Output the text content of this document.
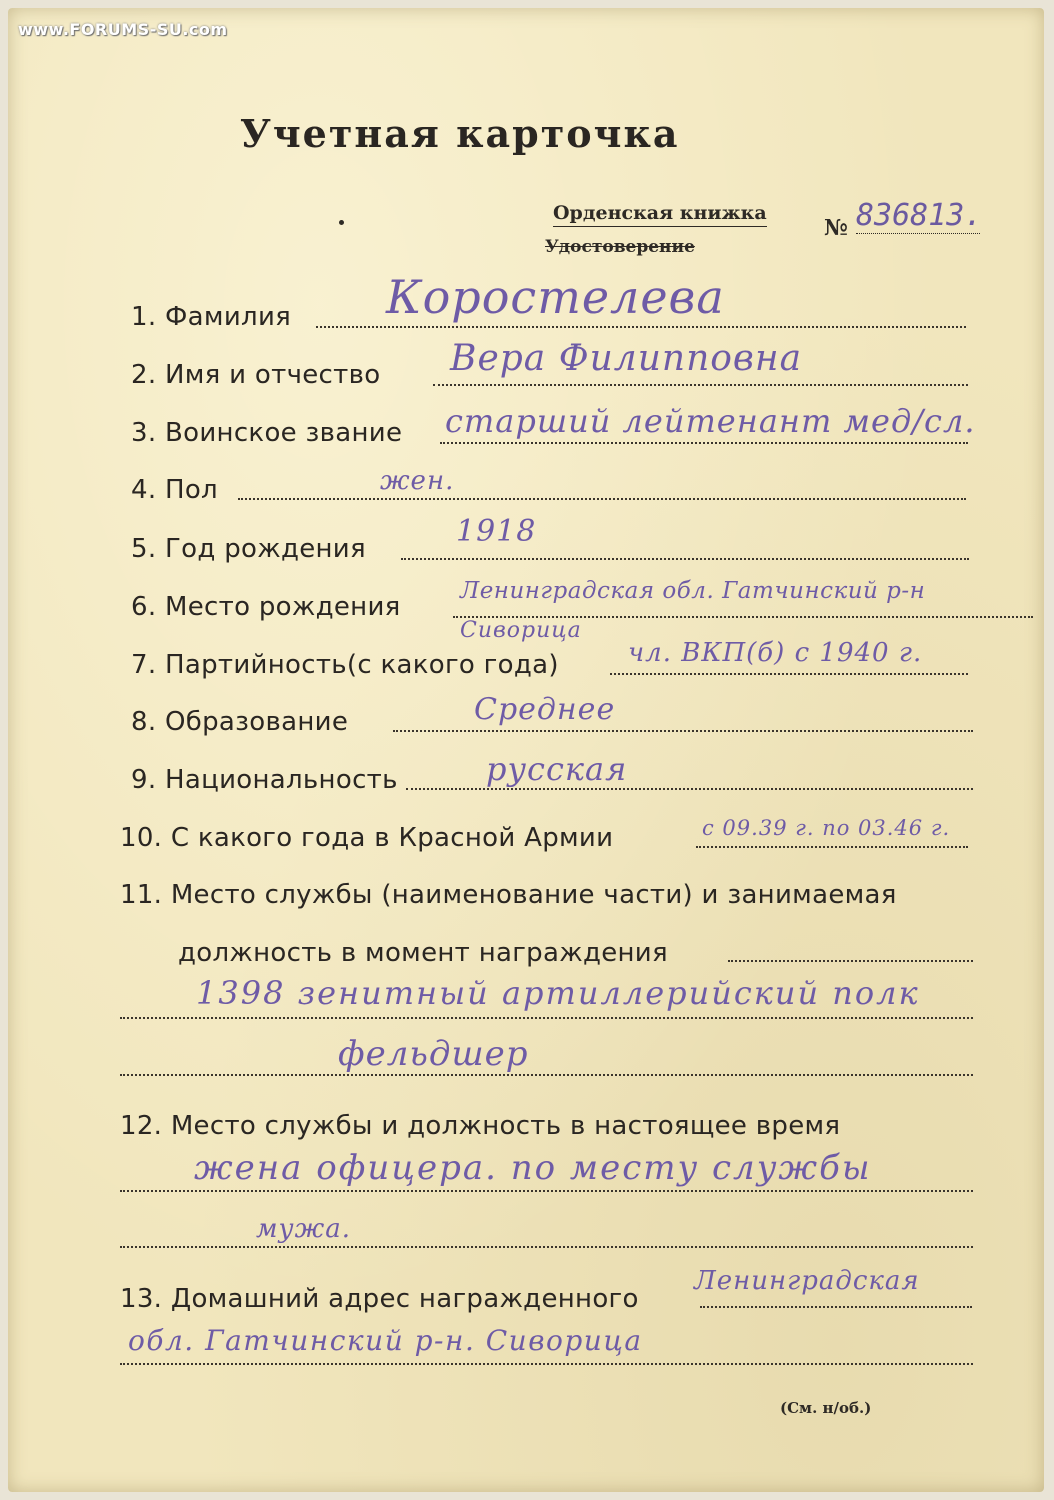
www.FORUMS-SU.com
Учетная карточка
Орденская книжка
Удостоверение
№ 836813.
1. Фамилия Коростелева
2. Имя и отчество Вера Филипповна
3. Воинское звание старший лейтенант мед/сл.
4. Пол	жен.
5. Год рождения	1918
6. Место рождения
Ленинградская обл. Гатчинский р-н
Сиворица
7. Партийность(с какого года)	чл. ВКП(б) с 1940 г.
8. Образование	Среднее
9. Национальность	русская
10. С какого года в Красной Армии	с 09.39 г. по 03.46 г.
11. Место службы (наименование части) и занимаемая
должность в момент награждения
1398 зенитный артиллерийский полк
фельдшер
12. Место службы и должность в настоящее время
жена офицера. по месту службы
мужа.
13. Домашний адрес награжденного
Ленинградская
обл. Гатчинский р-н. Сиворица
(См. н/об.)
